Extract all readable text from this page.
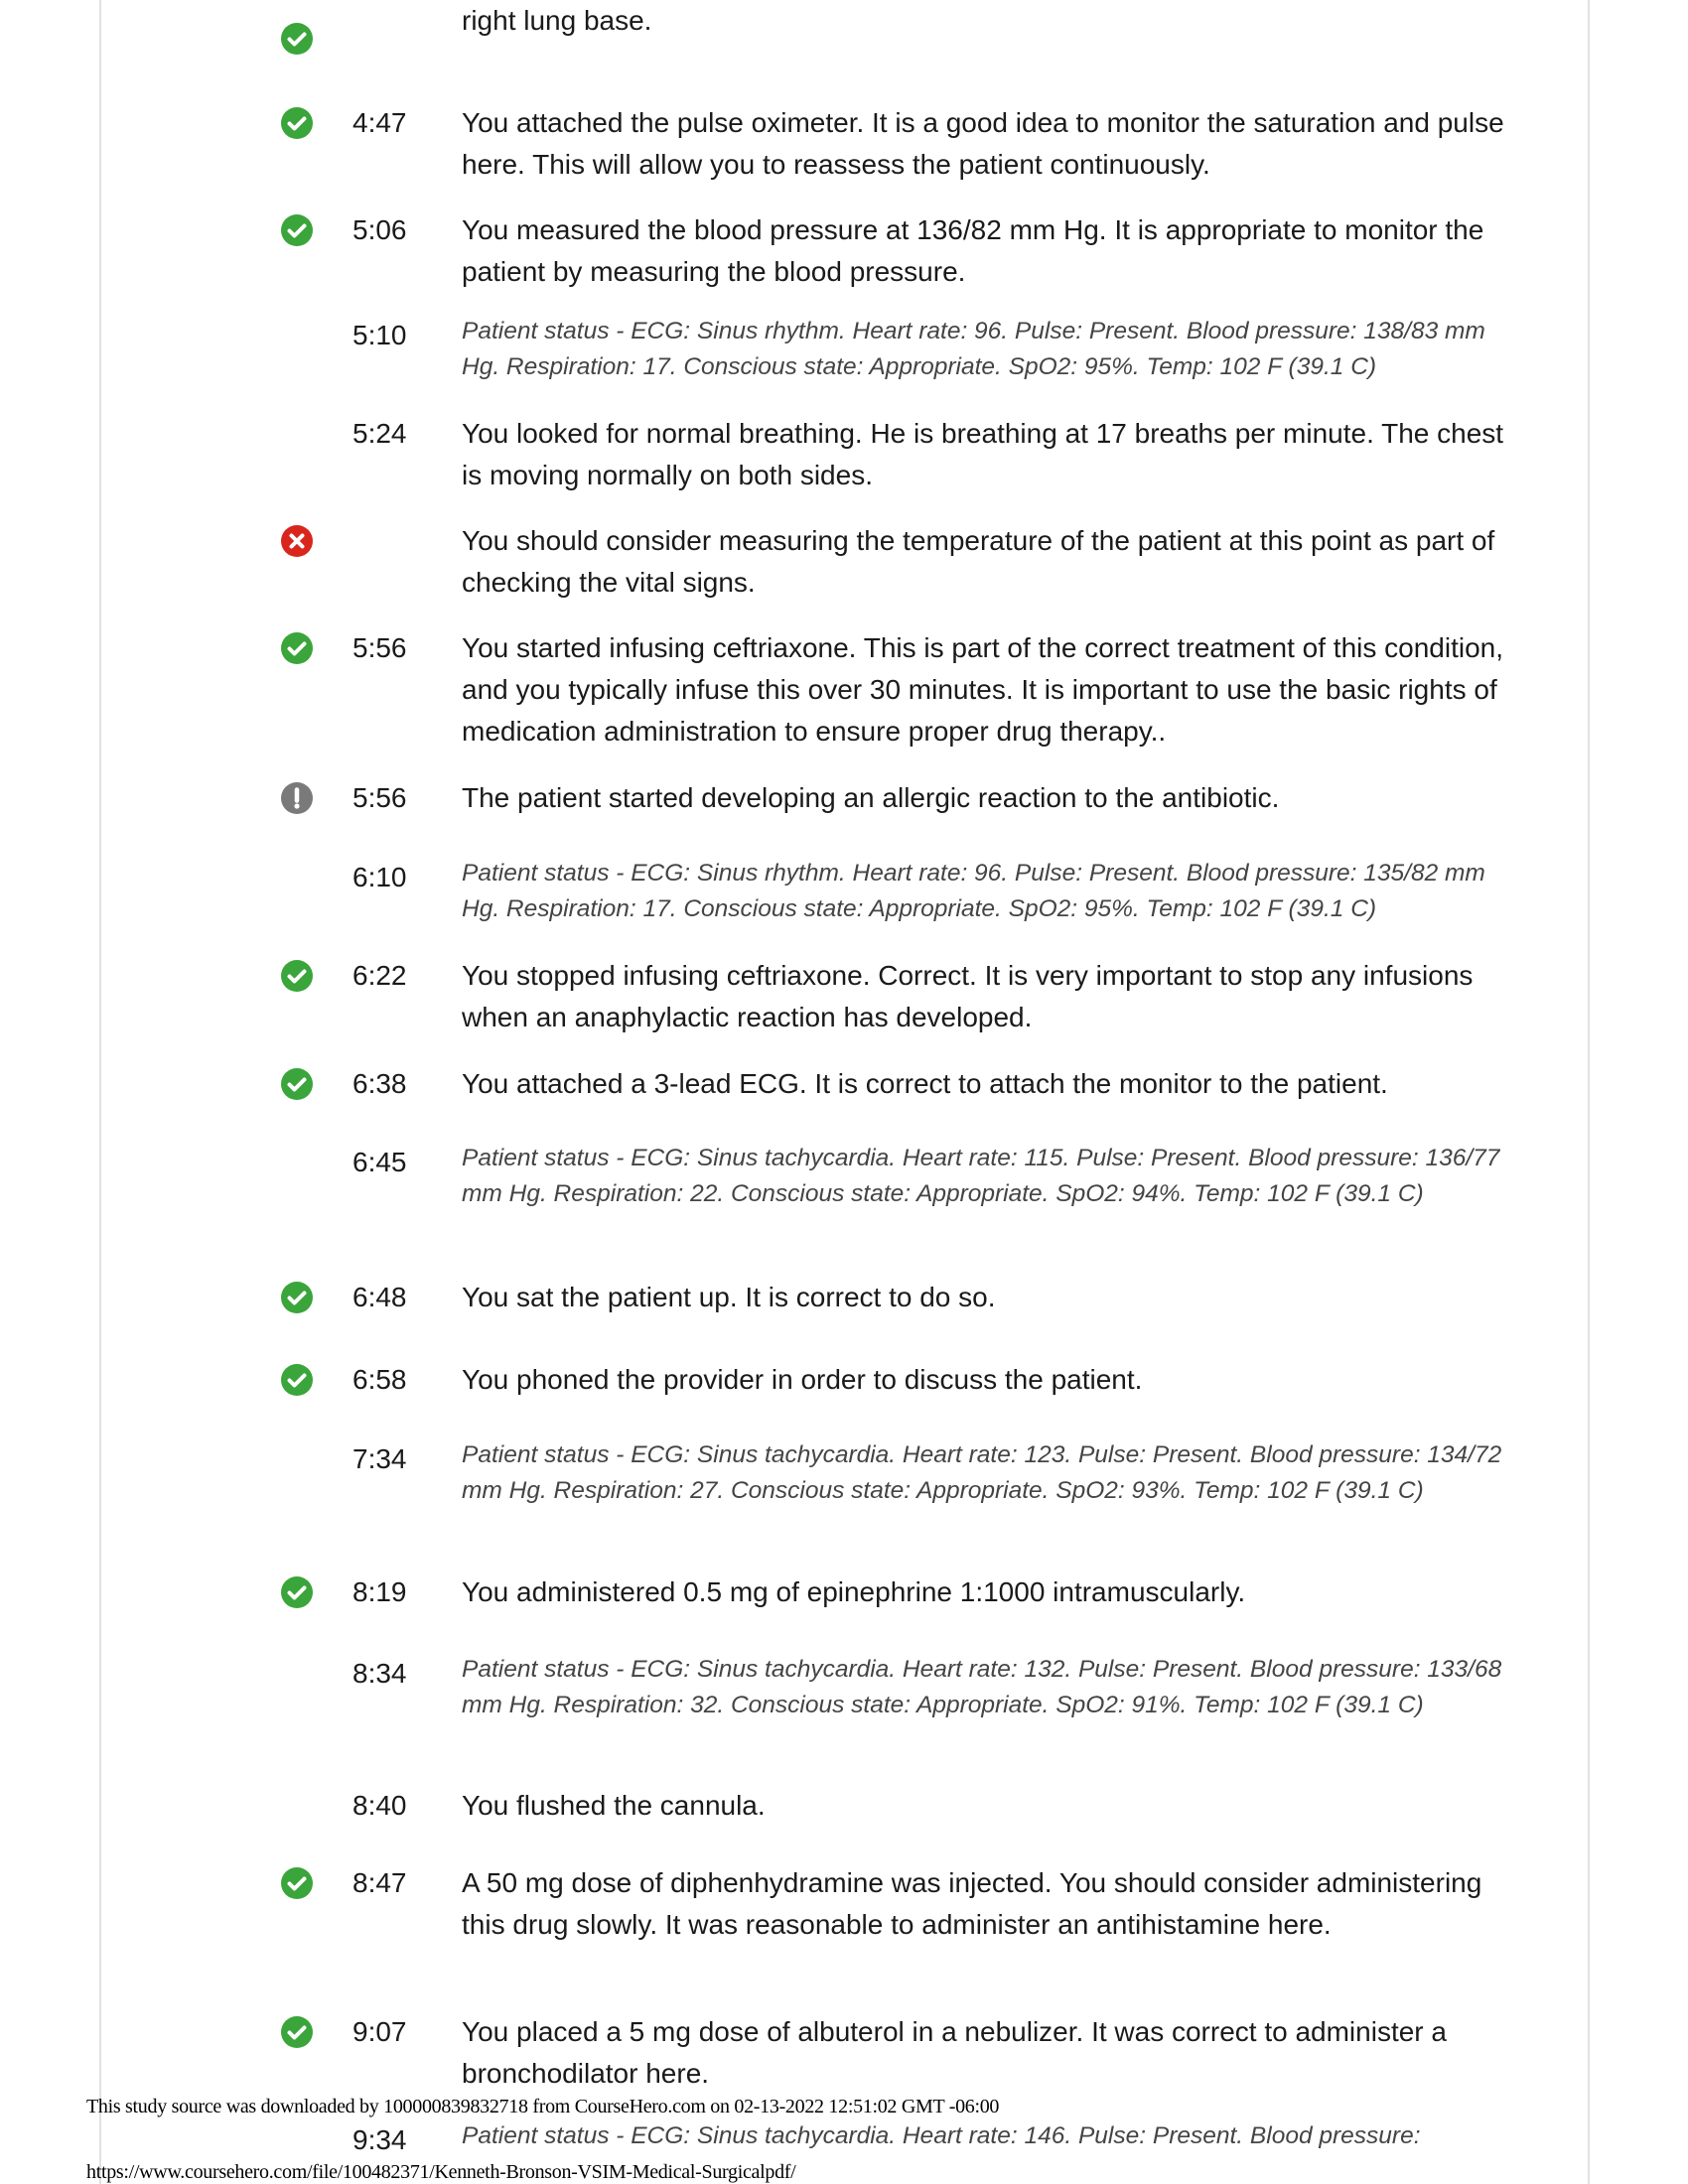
right lung base.
4:47 You attached the pulse oximeter. It is a good idea to monitor the saturation and pulse here. This will allow you to reassess the patient continuously.
5:06 You measured the blood pressure at 136/82 mm Hg. It is appropriate to monitor the patient by measuring the blood pressure.
5:10 Patient status - ECG: Sinus rhythm. Heart rate: 96. Pulse: Present. Blood pressure: 138/83 mm Hg. Respiration: 17. Conscious state: Appropriate. SpO2: 95%. Temp: 102 F (39.1 C)
5:24 You looked for normal breathing. He is breathing at 17 breaths per minute. The chest is moving normally on both sides.
You should consider measuring the temperature of the patient at this point as part of checking the vital signs.
5:56 You started infusing ceftriaxone. This is part of the correct treatment of this condition, and you typically infuse this over 30 minutes. It is important to use the basic rights of medication administration to ensure proper drug therapy..
5:56 The patient started developing an allergic reaction to the antibiotic.
6:10 Patient status - ECG: Sinus rhythm. Heart rate: 96. Pulse: Present. Blood pressure: 135/82 mm Hg. Respiration: 17. Conscious state: Appropriate. SpO2: 95%. Temp: 102 F (39.1 C)
6:22 You stopped infusing ceftriaxone. Correct. It is very important to stop any infusions when an anaphylactic reaction has developed.
6:38 You attached a 3-lead ECG. It is correct to attach the monitor to the patient.
6:45 Patient status - ECG: Sinus tachycardia. Heart rate: 115. Pulse: Present. Blood pressure: 136/77 mm Hg. Respiration: 22. Conscious state: Appropriate. SpO2: 94%. Temp: 102 F (39.1 C)
6:48 You sat the patient up. It is correct to do so.
6:58 You phoned the provider in order to discuss the patient.
7:34 Patient status - ECG: Sinus tachycardia. Heart rate: 123. Pulse: Present. Blood pressure: 134/72 mm Hg. Respiration: 27. Conscious state: Appropriate. SpO2: 93%. Temp: 102 F (39.1 C)
8:19 You administered 0.5 mg of epinephrine 1:1000 intramuscularly.
8:34 Patient status - ECG: Sinus tachycardia. Heart rate: 132. Pulse: Present. Blood pressure: 133/68 mm Hg. Respiration: 32. Conscious state: Appropriate. SpO2: 91%. Temp: 102 F (39.1 C)
8:40 You flushed the cannula.
8:47 A 50 mg dose of diphenhydramine was injected. You should consider administering this drug slowly. It was reasonable to administer an antihistamine here.
9:07 You placed a 5 mg dose of albuterol in a nebulizer. It was correct to administer a bronchodilator here.
9:34 Patient status - ECG: Sinus tachycardia. Heart rate: 146. Pulse: Present. Blood pressure:
This study source was downloaded by 100000839832718 from CourseHero.com on 02-13-2022 12:51:02 GMT -06:00
https://www.coursehero.com/file/100482371/Kenneth-Bronson-VSIM-Medical-Surgicalpdf/
